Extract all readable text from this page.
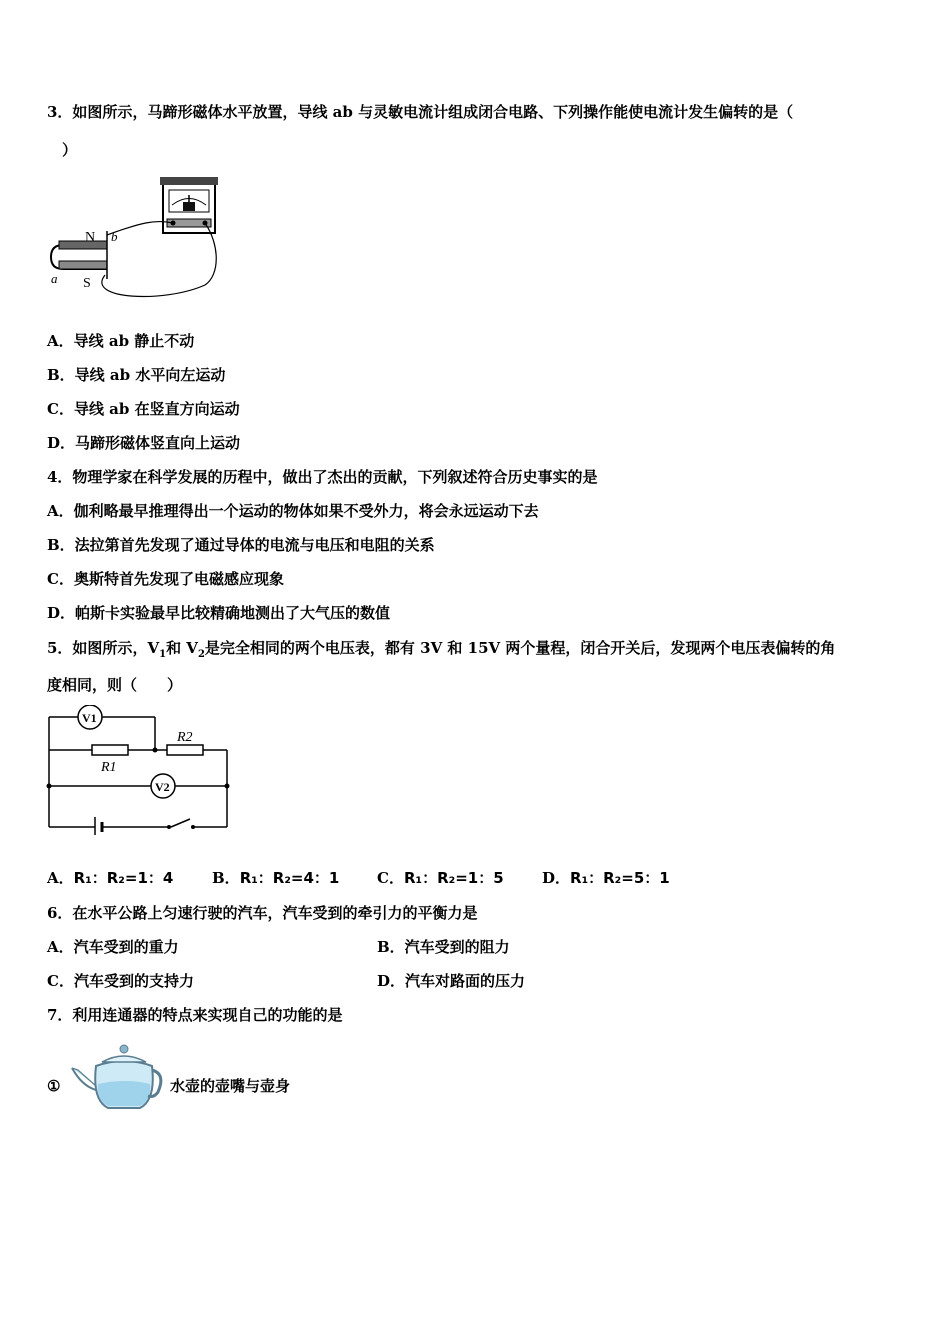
3．如图所示，马蹄形磁体水平放置，导线 ab 与灵敏电流计组成闭合电路、下列操作能使电流计发生偏转的是（
）
N b
a S
A．导线 ab 静止不动
B．导线 ab 水平向左运动
C．导线 ab 在竖直方向运动
D．马蹄形磁体竖直向上运动
4．物理学家在科学发展的历程中，做出了杰出的贡献，下列叙述符合历史事实的是
A．伽利略最早推理得出一个运动的物体如果不受外力，将会永远运动下去
B．法拉第首先发现了通过导体的电流与电压和电阻的关系
C．奥斯特首先发现了电磁感应现象
D．帕斯卡实验最早比较精确地测出了大气压的数值
5．如图所示，$V_1$和 $V_2$是完全相同的两个电压表，都有 3V 和 15V 两个量程，闭合开关后，发现两个电压表偏转的角
度相同，则（　　）
V1
V2
R1
R2
A．R₁：R₂=1：4	B．R₁：R₂=4：1	C．R₁：R₂=1：5	D．R₁：R₂=5：1
6．在水平公路上匀速行驶的汽车，汽车受到的牵引力的平衡力是
A．汽车受到的重力	B．汽车受到的阻力
C．汽车受到的支持力	D．汽车对路面的压力
7．利用连通器的特点来实现自己的功能的是
①	水壶的壶嘴与壶身
